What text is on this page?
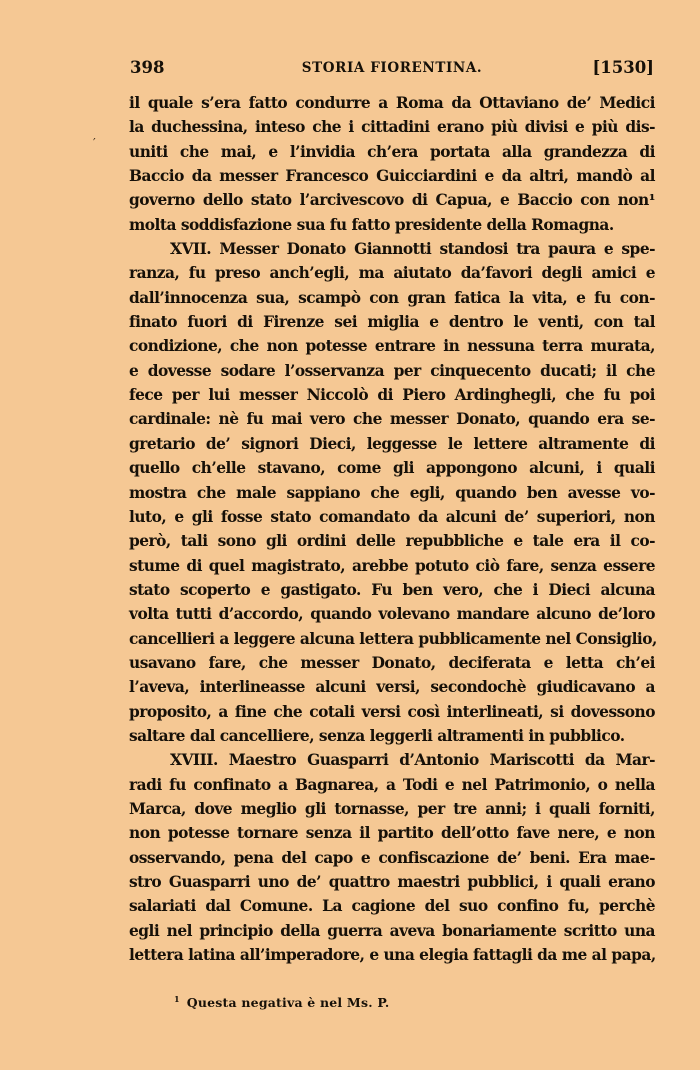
398	STORIA FIORENTINA.	[1530]
il quale s’era fatto condurre a Roma da Ottaviano de’ Medici
la duchessina, inteso che i cittadini erano più divisi e più dis-
uniti che mai, e l’invidia ch’era portata alla grandezza di
Baccio da messer Francesco Guicciardini e da altri, mandò al
governo dello stato l’arcivescovo di Capua, e Baccio con non¹
molta soddisfazione sua fu fatto presidente della Romagna.
XVII. Messer Donato Giannotti standosi tra paura e spe-
ranza, fu preso anch’egli, ma aiutato da’favori degli amici e
dall’innocenza sua, scampò con gran fatica la vita, e fu con-
finato fuori di Firenze sei miglia e dentro le venti, con tal
condizione, che non potesse entrare in nessuna terra murata,
e dovesse sodare l’osservanza per cinquecento ducati; il che
fece per lui messer Niccolò di Piero Ardinghegli, che fu poi
cardinale: nè fu mai vero che messer Donato, quando era se-
gretario de’ signori Dieci, leggesse le lettere altramente di
quello ch’elle stavano, come gli appongono alcuni, i quali
mostra che male sappiano che egli, quando ben avesse vo-
luto, e gli fosse stato comandato da alcuni de’ superiori, non
però, tali sono gli ordini delle repubbliche e tale era il co-
stume di quel magistrato, arebbe potuto ciò fare, senza essere
stato scoperto e gastigato. Fu ben vero, che i Dieci alcuna
volta tutti d’accordo, quando volevano mandare alcuno de’loro
cancellieri a leggere alcuna lettera pubblicamente nel Consiglio,
usavano fare, che messer Donato, deciferata e letta ch’ei
l’aveva, interlineasse alcuni versi, secondochè giudicavano a
proposito, a fine che cotali versi così interlineati, si dovessono
saltare dal cancelliere, senza leggerli altramenti in pubblico.
XVIII. Maestro Guasparri d’Antonio Mariscotti da Mar-
radi fu confinato a Bagnarea, a Todi e nel Patrimonio, o nella
Marca, dove meglio gli tornasse, per tre anni; i quali forniti,
non potesse tornare senza il partito dell’otto fave nere, e non
osservando, pena del capo e confiscazione de’ beni. Era mae-
stro Guasparri uno de’ quattro maestri pubblici, i quali erano
salariati dal Comune. La cagione del suo confino fu, perchè
egli nel principio della guerra aveva bonariamente scritto una
lettera latina all’imperadore, e una elegia fattagli da me al papa,
$^1$ Questa negativa è nel Ms. P.
′
